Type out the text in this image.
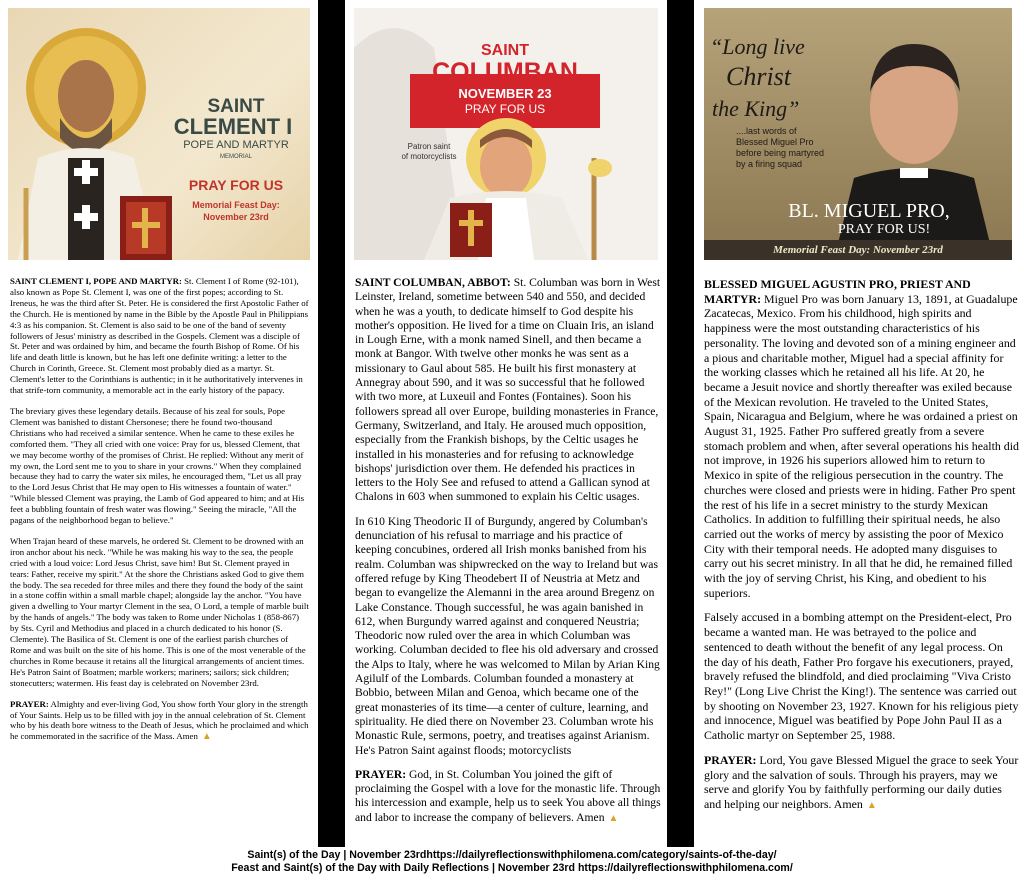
SAINT
CLEMENT I
POPE AND MARTYR
MEMORIAL
PRAY FOR US
Memorial Feast Day:
November 23rd

SAINT CLEMENT I, POPE AND MARTYR: St. Clement I of Rome (92-101), also known as Pope St. Clement I, was one of the first popes; according to St. Ireneus, he was the third after St. Peter. He is considered the first Apostolic Father of the Church. He is mentioned by name in the Bible by the Apostle Paul in Philippians 4:3 as his companion. St. Clement is also said to be one of the band of seventy followers of Jesus' ministry as described in the Gospels. Clement was a disciple of St. Peter and was ordained by him, and became the fourth Bishop of Rome. Of his life and death little is known, but he has left one definite writing: a letter to the Church in Corinth, Greece. St. Clement most probably died as a martyr. St. Clement's letter to the Corinthians is authentic; in it he authoritatively intervenes in that strife-torn community, a memorable act in the early history of the papacy.

The breviary gives these legendary details. Because of his zeal for souls, Pope Clement was banished to distant Chersonese; there he found two-thousand Christians who had received a similar sentence. When he came to these exiles he comforted them. "They all cried with one voice: Pray for us, blessed Clement, that we may become worthy of the promises of Christ. He replied: Without any merit of my own, the Lord sent me to you to share in your crowns." When they complained because they had to carry the water six miles, he encouraged them, "Let us all pray to the Lord Jesus Christ that He may open to His witnesses a fountain of water." "While blessed Clement was praying, the Lamb of God appeared to him; and at His feet a bubbling fountain of fresh water was flowing." Seeing the miracle, "All the pagans of the neighborhood began to believe."

When Trajan heard of these marvels, he ordered St. Clement to be drowned with an iron anchor about his neck. "While he was making his way to the sea, the people cried with a loud voice: Lord Jesus Christ, save him! But St. Clement prayed in tears: Father, receive my spirit." At the shore the Christians asked God to give them the body. The sea receded for three miles and there they found the body of the saint in a stone coffin within a small marble chapel; alongside lay the anchor. "You have given a dwelling to Your martyr Clement in the sea, O Lord, a temple of marble built by the hands of angels." The body was taken to Rome under Nicholas 1 (858-867) by Sts. Cyril and Methodius and placed in a church dedicated to his honor (S. Clemente). The Basilica of St. Clement is one of the earliest parish churches of Rome and was built on the site of his home. This is one of the most venerable of the churches in Rome because it retains all the liturgical arrangements of ancient times. He's Patron Saint of Boatmen; marble workers; mariners; sailors; sick children; stonecutters; watermen. His feast day is celebrated on November 23rd.

PRAYER: Almighty and ever-living God, You show forth Your glory in the strength of Your Saints. Help us to be filled with joy in the annual celebration of St. Clement who by his death bore witness to the Death of Jesus, which he proclaimed and which he commemorated in the sacrifice of the Mass. Amen ▲

SAINT
COLUMBAN
NOVEMBER 23
PRAY FOR US
Patron saint
of motorcyclists

SAINT COLUMBAN, ABBOT: St. Columban was born in West Leinster, Ireland, sometime between 540 and 550, and decided when he was a youth, to dedicate himself to God despite his mother's opposition. He lived for a time on Cluain Iris, an island in Lough Erne, with a monk named Sinell, and then became a monk at Bangor. With twelve other monks he was sent as a missionary to Gaul about 585. He built his first monastery at Annegray about 590, and it was so successful that he followed with two more, at Luxeuil and Fontes (Fontaines). Soon his followers spread all over Europe, building monasteries in France, Germany, Switzerland, and Italy. He aroused much opposition, especially from the Frankish bishops, by the Celtic usages he installed in his monasteries and for refusing to acknowledge bishops' jurisdiction over them. He defended his practices in letters to the Holy See and refused to attend a Gallican synod at Chalons in 603 when summoned to explain his Celtic usages.

In 610 King Theodoric II of Burgundy, angered by Columban's denunciation of his refusal to marriage and his practice of keeping concubines, ordered all Irish monks banished from his realm. Columban was shipwrecked on the way to Ireland but was offered refuge by King Theodebert II of Neustria at Metz and began to evangelize the Alemanni in the area around Bregenz on Lake Constance. Though successful, he was again banished in 612, when Burgundy warred against and conquered Neustria; Theodoric now ruled over the area in which Columban was working. Columban decided to flee his old adversary and crossed the Alps to Italy, where he was welcomed to Milan by Arian King Agilulf of the Lombards. Columban founded a monastery at Bobbio, between Milan and Genoa, which became one of the great monasteries of its time—a center of culture, learning, and spirituality. He died there on November 23. Columban wrote his Monastic Rule, sermons, poetry, and treatises against Arianism. He's Patron Saint against floods; motorcyclists

PRAYER: God, in St. Columban You joined the gift of proclaiming the Gospel with a love for the monastic life. Through his intercession and example, help us to seek You above all things and labor to increase the company of believers. Amen ▲

“Long live
Christ
the King”
....last words of
Blessed Miguel Pro
before being martyred
by a firing squad
BL. MIGUEL PRO,
PRAY FOR US!
Memorial Feast Day: November 23rd

BLESSED MIGUEL AGUSTIN PRO, PRIEST AND MARTYR: Miguel Pro was born January 13, 1891, at Guadalupe Zacatecas, Mexico. From his childhood, high spirits and happiness were the most outstanding characteristics of his personality. The loving and devoted son of a mining engineer and a pious and charitable mother, Miguel had a special affinity for the working classes which he retained all his life. At 20, he became a Jesuit novice and shortly thereafter was exiled because of the Mexican revolution. He traveled to the United States, Spain, Nicaragua and Belgium, where he was ordained a priest on August 31, 1925. Father Pro suffered greatly from a severe stomach problem and when, after several operations his health did not improve, in 1926 his superiors allowed him to return to Mexico in spite of the religious persecution in the country. The churches were closed and priests were in hiding. Father Pro spent the rest of his life in a secret ministry to the sturdy Mexican Catholics. In addition to fulfilling their spiritual needs, he also carried out the works of mercy by assisting the poor of Mexico City with their temporal needs. He adopted many disguises to carry out his secret ministry. In all that he did, he remained filled with the joy of serving Christ, his King, and obedient to his superiors.

Falsely accused in a bombing attempt on the President-elect, Pro became a wanted man. He was betrayed to the police and sentenced to death without the benefit of any legal process. On the day of his death, Father Pro forgave his executioners, prayed, bravely refused the blindfold, and died proclaiming "Viva Cristo Rey!" (Long Live Christ the King!). The sentence was carried out by shooting on November 23, 1927. Known for his religious piety and innocence, Miguel was beatified by Pope John Paul II as a Catholic martyr on September 25, 1988.

PRAYER: Lord, You gave Blessed Miguel the grace to seek Your glory and the salvation of souls. Through his prayers, may we serve and glorify You by faithfully performing our daily duties and helping our neighbors. Amen ▲

Saint(s) of the Day | November 23rdhttps://dailyreflectionswithphilomena.com/category/saints-of-the-day/
Feast and Saint(s) of the Day with Daily Reflections | November 23rd https://dailyreflectionswithphilomena.com/
